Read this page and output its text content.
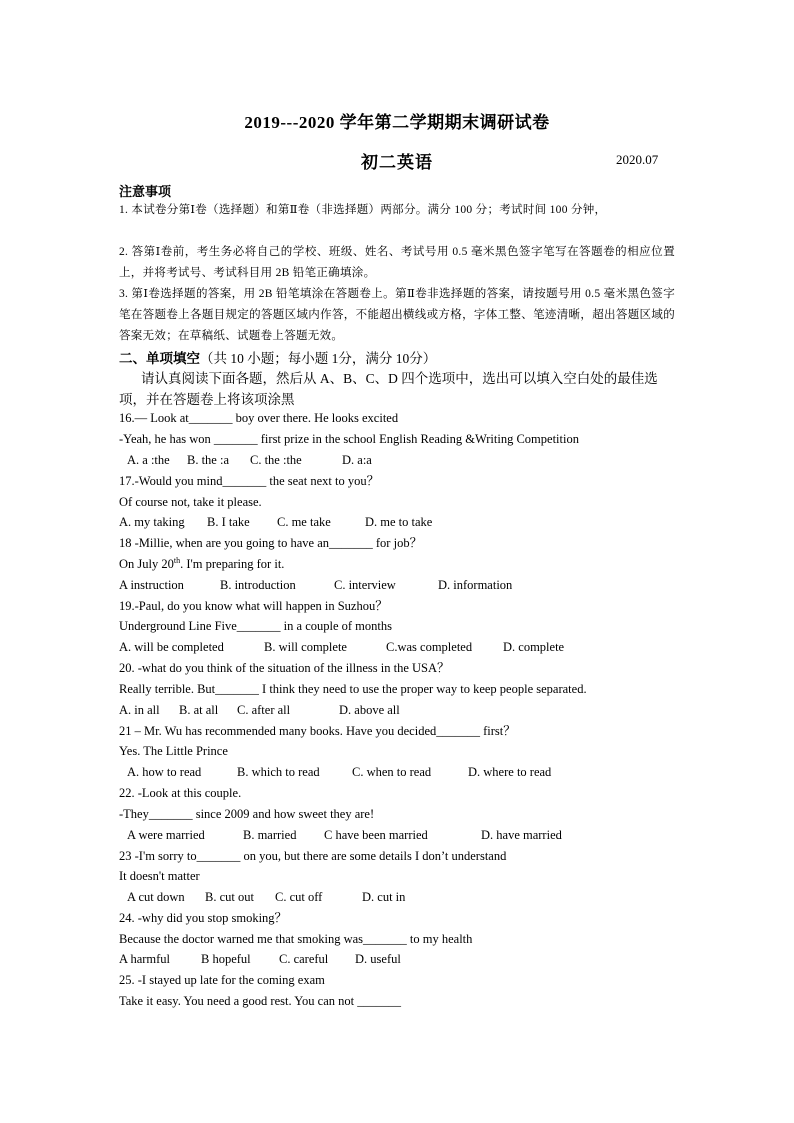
2019---2020 学年第二学期期末调研试卷
初二英语	2020.07
注意事项
1. 本试卷分第Ⅰ卷（选择题）和第Ⅱ卷（非选择题）两部分。满分 100 分；考试时间 100 分钟，
2. 答第Ⅰ卷前，考生务必将自己的学校、班级、姓名、考试号用 0.5 毫米黑色签字笔写在答题卷的相应位置上，并将考试号、考试科目用 2B 铅笔正确填涂。
3. 第Ⅰ卷选择题的答案，用 2B 铅笔填涂在答题卷上。第Ⅱ卷非选择题的答案，请按题号用 0.5 毫米黑色签字笔在答题卷上各题目规定的答题区域内作答，不能超出横线或方格，字体工整、笔迹清晰，超出答题区域的答案无效；在草稿纸、试题卷上答题无效。
二、单项填空（共 10 小题；每小题 1分，满分 10分）
请认真阅读下面各题，然后从 A、B、C、D 四个选项中，选出可以填入空白处的最佳选项，并在答题卷上将该项涂黑
16.— Look at_______ boy over there. He looks excited
-Yeah, he has won _______ first prize in the school English Reading &Writing Competition
A. a :the B. the :a C. the :the	D. a:a
17.-Would you mind_______ the seat next to you？
Of course not, take it please.
A. my taking B. I take C. me take	D. me to take
18 -Millie, when are you going to have an_______ for job？
On July 20th. I'm preparing for it.
A instruction	B. introduction	C. interview	D. information
19.-Paul, do you know what will happen in Suzhou？
Underground Line Five_______ in a couple of months
A. will be completed	B. will complete	C.was completed D. complete
20. -what do you think of the situation of the illness in the USA？
Really terrible. But_______ I think they need to use the proper way to keep people separated.
A. in all B. at all C. after all	D. above all
21 – Mr. Wu has recommended many books. Have you decided_______ first？
Yes. The Little Prince
A. how to read	B. which to read	C. when to read	D. where to read
22. -Look at this couple.
-They_______ since 2009 and how sweet they are!
A were married	B. married C have been married	D. have married
23 -I'm sorry to_______ on you, but there are some details I don’t understand
It doesn't matter
A cut down B. cut out C. cut off	D. cut in
24. -why did you stop smoking？
Because the doctor warned me that smoking was_______ to my health
A harmful B hopeful C. careful D. useful
25. -I stayed up late for the coming exam
Take it easy. You need a good rest. You can not _______
